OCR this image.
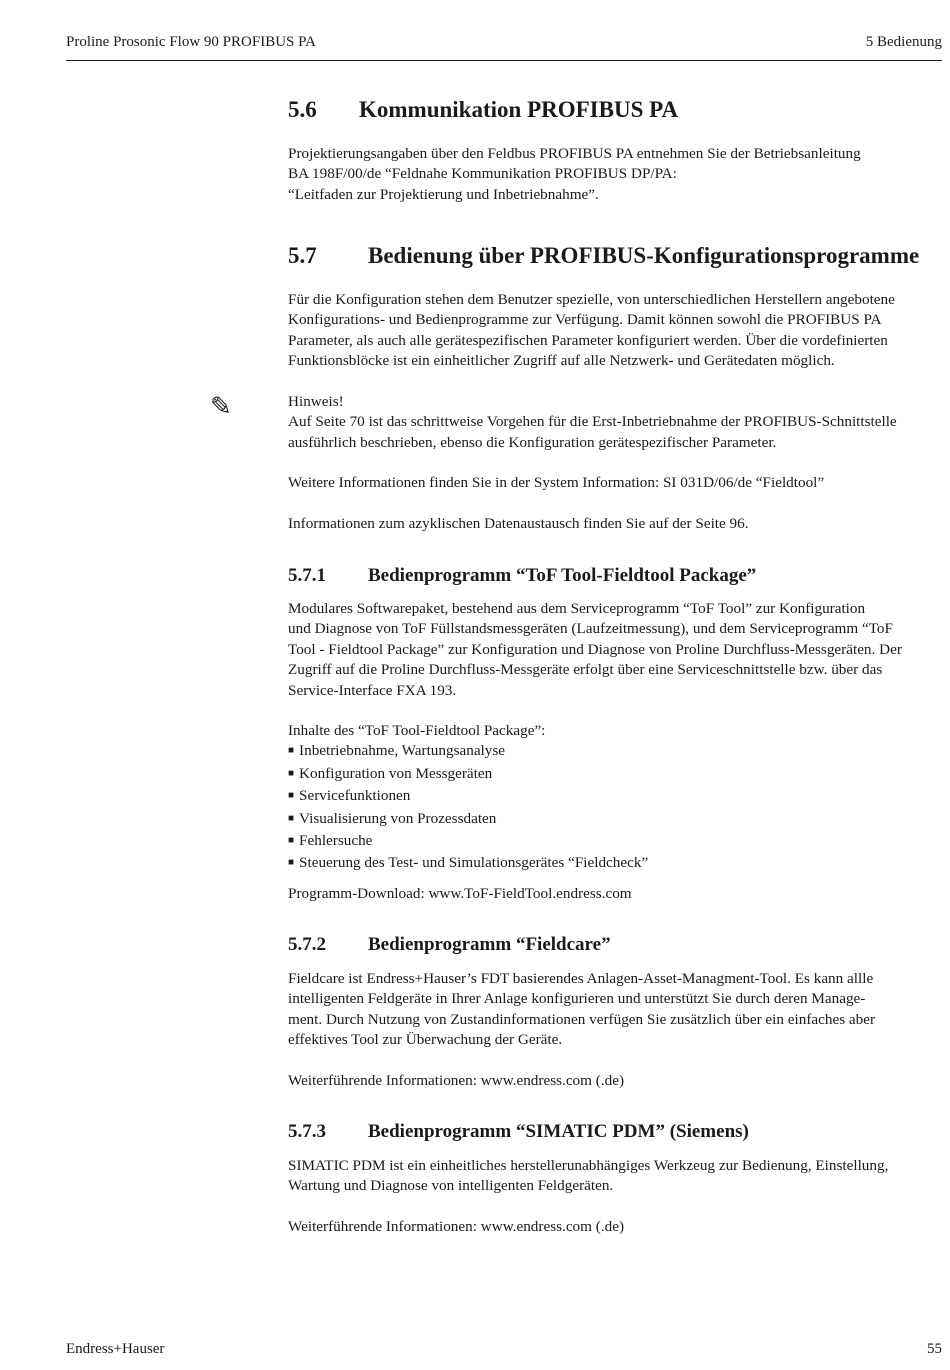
Proline Prosonic Flow 90 PROFIBUS PA	5 Bedienung
5.6 Kommunikation PROFIBUS PA
Projektierungsangaben über den Feldbus PROFIBUS PA entnehmen Sie der Betriebsanleitung
BA 198F/00/de “Feldnahe Kommunikation PROFIBUS DP/PA:
“Leitfaden zur Projektierung und Inbetriebnahme”.
5.7 Bedienung über PROFIBUS-Konfigurationsprogramme
Für die Konfiguration stehen dem Benutzer spezielle, von unterschiedlichen Herstellern angebotene
Konfigurations- und Bedienprogramme zur Verfügung. Damit können sowohl die PROFIBUS PA
Parameter, als auch alle gerätespezifischen Parameter konfiguriert werden. Über die vordefinierten
Funktionsblöcke ist ein einheitlicher Zugriff auf alle Netzwerk- und Gerätedaten möglich.
Hinweis!
Auf Seite 70 ist das schrittweise Vorgehen für die Erst-Inbetriebnahme der PROFIBUS-Schnittstelle
ausführlich beschrieben, ebenso die Konfiguration gerätespezifischer Parameter.
Weitere Informationen finden Sie in der System Information: SI 031D/06/de “Fieldtool”
Informationen zum azyklischen Datenaustausch finden Sie auf der Seite 96.
5.7.1 Bedienprogramm “ToF Tool-Fieldtool Package”
Modulares Softwarepaket, bestehend aus dem Serviceprogramm “ToF Tool” zur Konfiguration
und Diagnose von ToF Füllstandsmessgeräten (Laufzeitmessung), und dem Serviceprogramm “ToF
Tool - Fieldtool Package” zur Konfiguration und Diagnose von Proline Durchfluss-Messgeräten. Der
Zugriff auf die Proline Durchfluss-Messgeräte erfolgt über eine Serviceschnittstelle bzw. über das
Service-Interface FXA 193.
Inhalte des “ToF Tool-Fieldtool Package”:
■ Inbetriebnahme, Wartungsanalyse
■ Konfiguration von Messgeräten
■ Servicefunktionen
■ Visualisierung von Prozessdaten
■ Fehlersuche
■ Steuerung des Test- und Simulationsgerätes “Fieldcheck”
Programm-Download: www.ToF-FieldTool.endress.com
5.7.2 Bedienprogramm “Fieldcare”
Fieldcare ist Endress+Hauser’s FDT basierendes Anlagen-Asset-Managment-Tool. Es kann allle
intelligenten Feldgeräte in Ihrer Anlage konfigurieren und unterstützt Sie durch deren Manage-
ment. Durch Nutzung von Zustandinformationen verfügen Sie zusätzlich über ein einfaches aber
effektives Tool zur Überwachung der Geräte.
Weiterführende Informationen: www.endress.com (.de)
5.7.3 Bedienprogramm “SIMATIC PDM” (Siemens)
SIMATIC PDM ist ein einheitliches herstellerunabhängiges Werkzeug zur Bedienung, Einstellung,
Wartung und Diagnose von intelligenten Feldgeräten.
Weiterführende Informationen: www.endress.com (.de)
✎
Endress+Hauser	55
